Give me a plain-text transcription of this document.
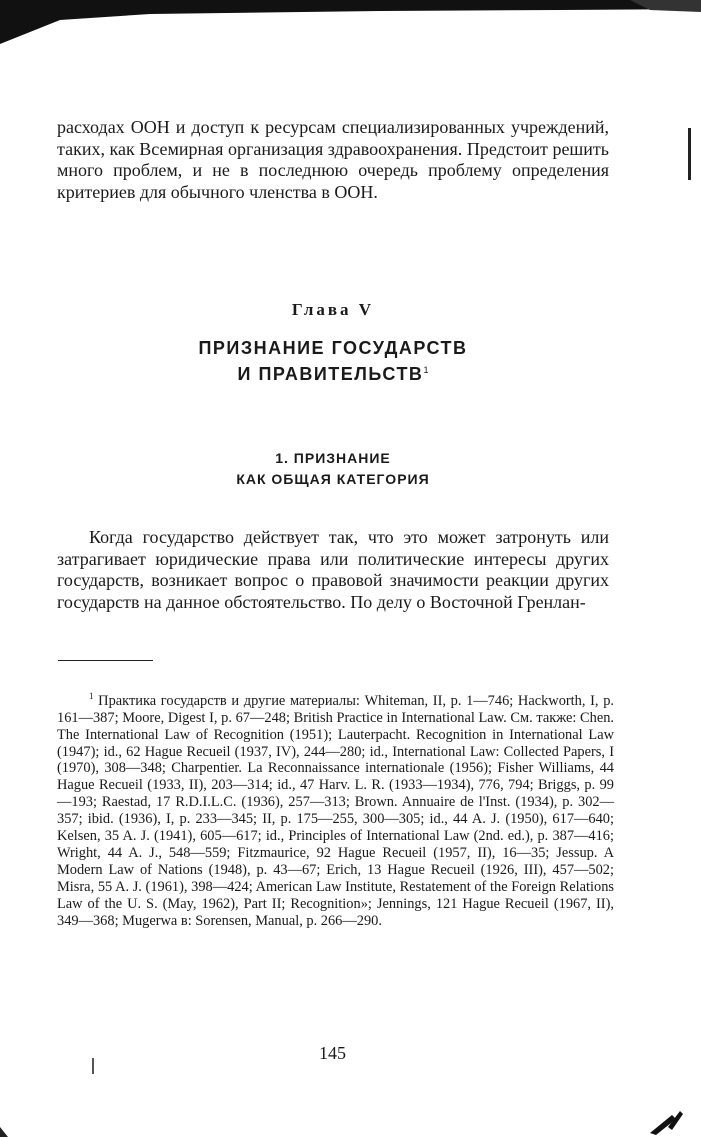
расходах ООН и доступ к ресурсам специализированных учреждений, таких, как Всемирная организация здравоохранения. Предстоит решить много проблем, и не в последнюю очередь проблему определения критериев для обычного членства в ООН.

Глава V
ПРИЗНАНИЕ ГОСУДАРСТВ
И ПРАВИТЕЛЬСТВ$^1$
1. ПРИЗНАНИЕ
КАК ОБЩАЯ КАТЕГОРИЯ

Когда государство действует так, что это может затронуть или затрагивает юридические права или политические интересы других государств, возникает вопрос о правовой значимости реакции других государств на данное обстоятельство. По делу о Восточной Гренлан-

$^1$ Практика государств и другие материалы: Whiteman, II, p. 1—746; Hackworth, I, p. 161—387; Moore, Digest I, p. 67—248; British Practice in International Law. См. также: Chen. The International Law of Recognition (1951); Lauterpacht. Recognition in International Law (1947); id., 62 Hague Recueil (1937, IV), 244—280; id., International Law: Collected Papers, I (1970), 308—348; Charpentier. La Reconnaissance internationale (1956); Fisher Williams, 44 Hague Recueil (1933, II), 203—314; id., 47 Harv. L. R. (1933—1934), 776, 794; Briggs, p. 99—193; Raestad, 17 R.D.I.L.C. (1936), 257—313; Brown. Annuaire de l'Inst. (1934), p. 302—357; ibid. (1936), I, p. 233—345; II, p. 175—255, 300—305; id., 44 A. J. (1950), 617—640; Kelsen, 35 A. J. (1941), 605—617; id., Principles of International Law (2nd. ed.), p. 387—416; Wright, 44 A. J., 548—559; Fitzmaurice, 92 Hague Recueil (1957, II), 16—35; Jessup. A Modern Law of Nations (1948), p. 43—67; Erich, 13 Hague Recueil (1926, III), 457—502; Misra, 55 A. J. (1961), 398—424; American Law Institute, Restatement of the Foreign Relations Law of the U. S. (May, 1962), Part II; Recognition»; Jennings, 121 Hague Recueil (1967, II), 349—368; Mugerwa в: Sorensen, Manual, p. 266—290.

145
